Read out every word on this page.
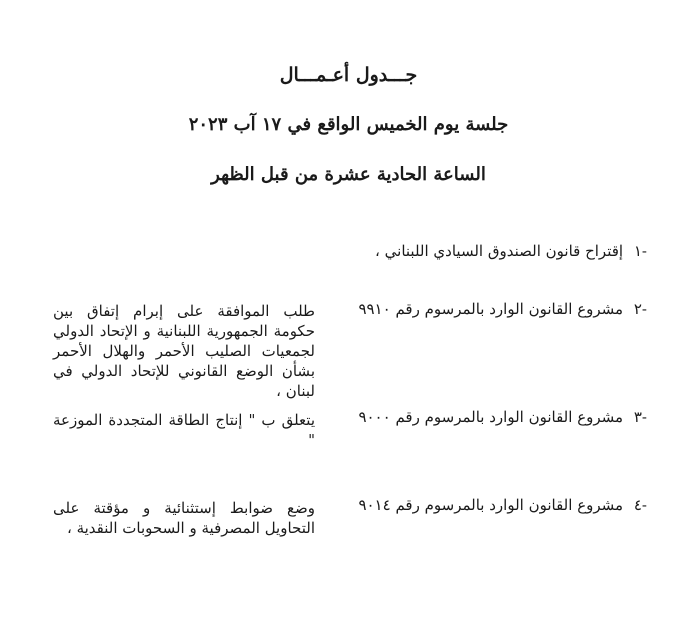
جـــدول أعـمـــال
جلسة يوم الخميس الواقع في ١٧ آب ٢٠٢٣
الساعة الحادية عشرة من قبل الظهر
-١ إقتراح قانون الصندوق السيادي اللبناني ،
-٢ مشروع القانون الوارد بالمرسوم رقم ٩٩١٠
طلب الموافقة على إبرام إتفاق بين حكومة الجمهورية اللبنانية و الإتحاد الدولي لجمعيات الصليب الأحمر والهلال الأحمر بشأن الوضع القانوني للإتحاد الدولي في لبنان ،
-٣ مشروع القانون الوارد بالمرسوم رقم ٩٠٠٠
يتعلق ب " إنتاج الطاقة المتجددة الموزعة "
-٤ مشروع القانون الوارد بالمرسوم رقم ٩٠١٤
وضع ضوابط إستثنائية و مؤقتة على التحاويل المصرفية و السحوبات النقدية ،
